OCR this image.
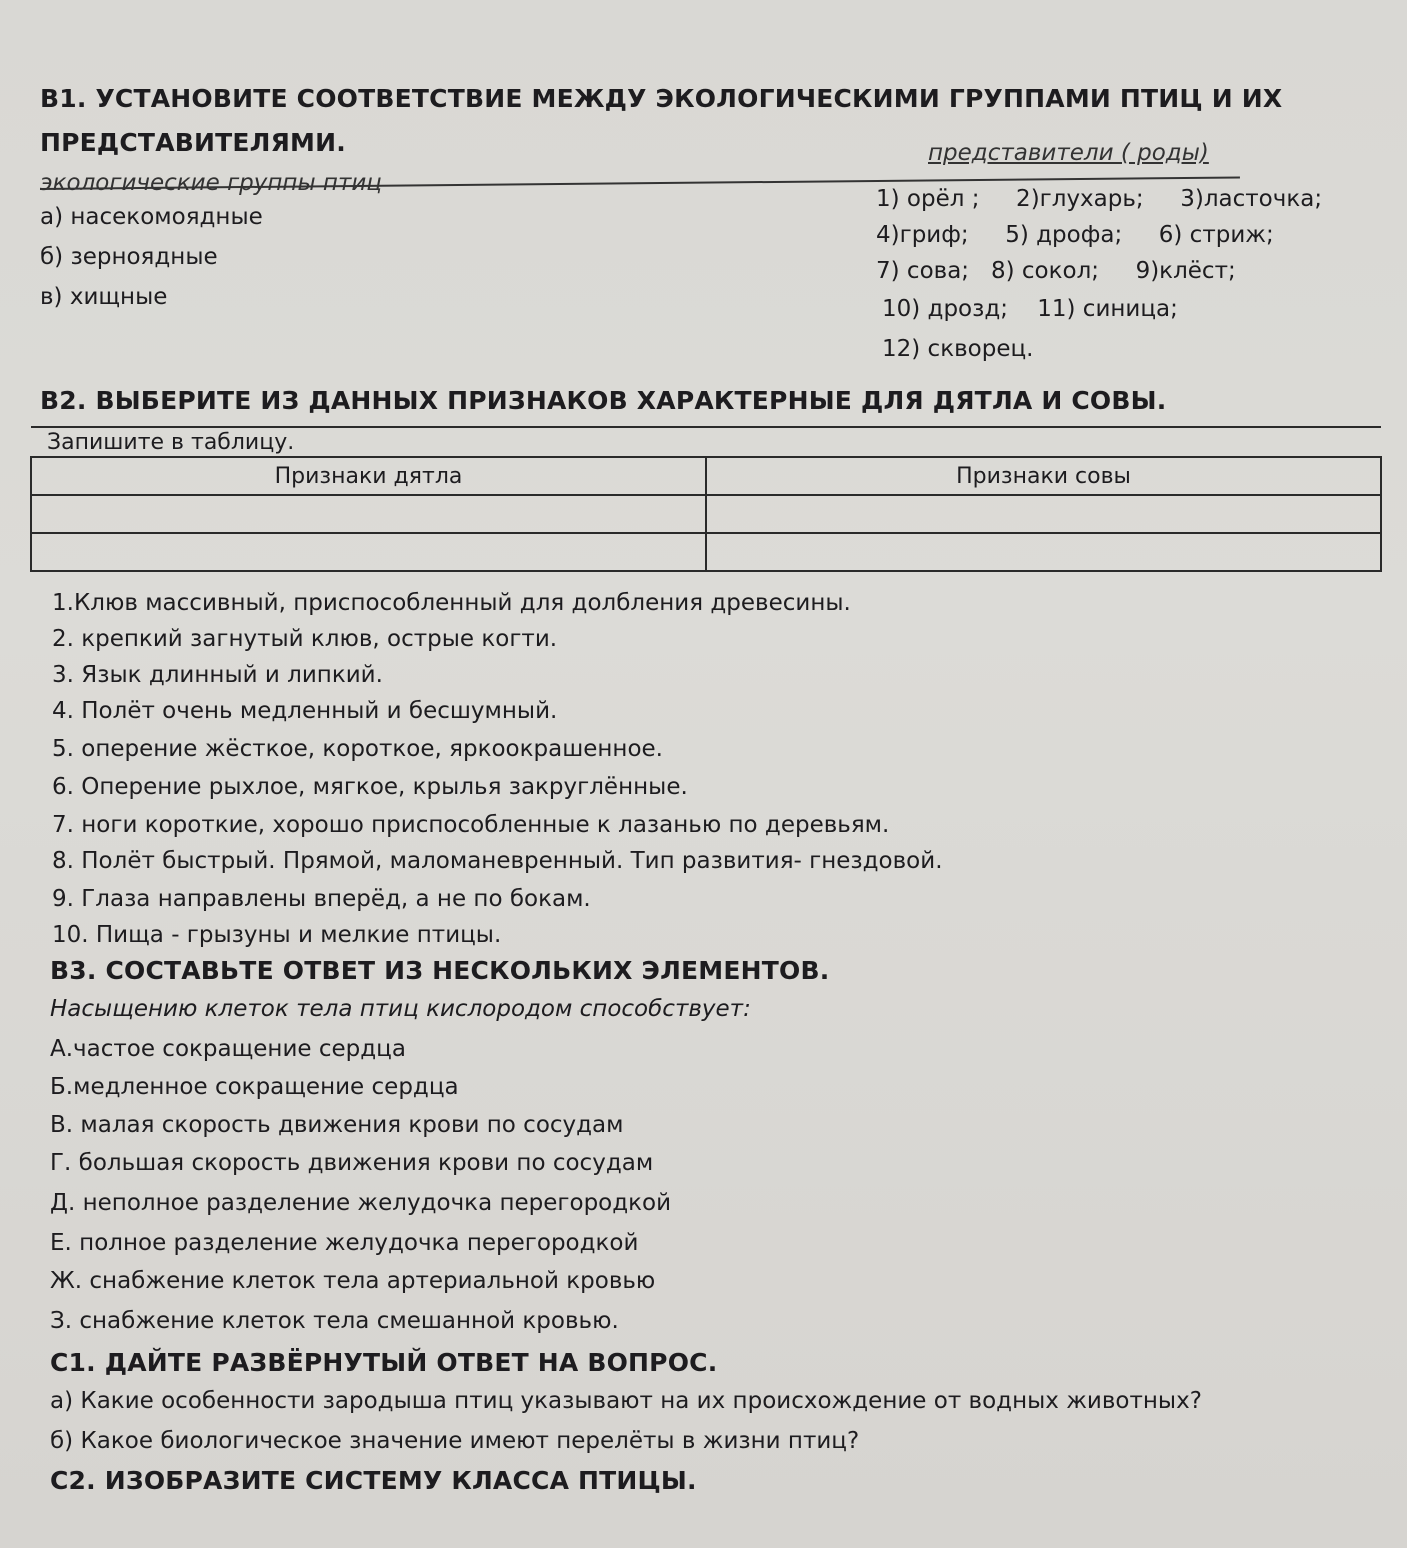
В1. УСТАНОВИТЕ СООТВЕТСТВИЕ МЕЖДУ ЭКОЛОГИЧЕСКИМИ ГРУППАМИ ПТИЦ И ИХ
ПРЕДСТАВИТЕЛЯМИ.
экологические группы птиц
представители ( роды)
а) насекомоядные
б) зерноядные
в) хищные
1) орёл ;     2)глухарь;     3)ласточка;
4)гриф;     5) дрофа;     6) стриж;
7) сова;   8) сокол;     9)клёст;
10) дрозд;    11) синица;
12) скворец.
В2. ВЫБЕРИТЕ ИЗ ДАННЫХ ПРИЗНАКОВ ХАРАКТЕРНЫЕ ДЛЯ ДЯТЛА И СОВЫ.
Запишите в таблицу.	
Признаки дятла	Признаки совы

1.Клюв массивный, приспособленный для долбления древесины.
2. крепкий загнутый клюв, острые когти.
3. Язык длинный и липкий.
4. Полёт очень медленный и бесшумный.
5. оперение жёсткое, короткое, яркоокрашенное.
6. Оперение рыхлое, мягкое, крылья закруглённые.
7. ноги короткие, хорошо приспособленные к лазанью по деревьям.
8. Полёт быстрый. Прямой, маломаневренный. Тип развития- гнездовой.
9. Глаза направлены вперёд, а не по бокам.
10. Пища - грызуны и мелкие птицы.
В3. СОСТАВЬТЕ ОТВЕТ ИЗ НЕСКОЛЬКИХ ЭЛЕМЕНТОВ.
Насыщению клеток тела птиц кислородом способствует:
А.частое сокращение сердца
Б.медленное сокращение сердца
В. малая скорость движения крови по сосудам
Г. большая скорость движения крови по сосудам
Д. неполное разделение желудочка перегородкой
Е. полное разделение желудочка перегородкой
Ж. снабжение клеток тела артериальной кровью
З. снабжение клеток тела смешанной кровью.
С1. ДАЙТЕ РАЗВЁРНУТЫЙ ОТВЕТ НА ВОПРОС.
а) Какие особенности зародыша птиц указывают на их происхождение от водных животных?
б) Какое биологическое значение имеют перелёты в жизни птиц?
С2. ИЗОБРАЗИТЕ СИСТЕМУ КЛАССА ПТИЦЫ.
